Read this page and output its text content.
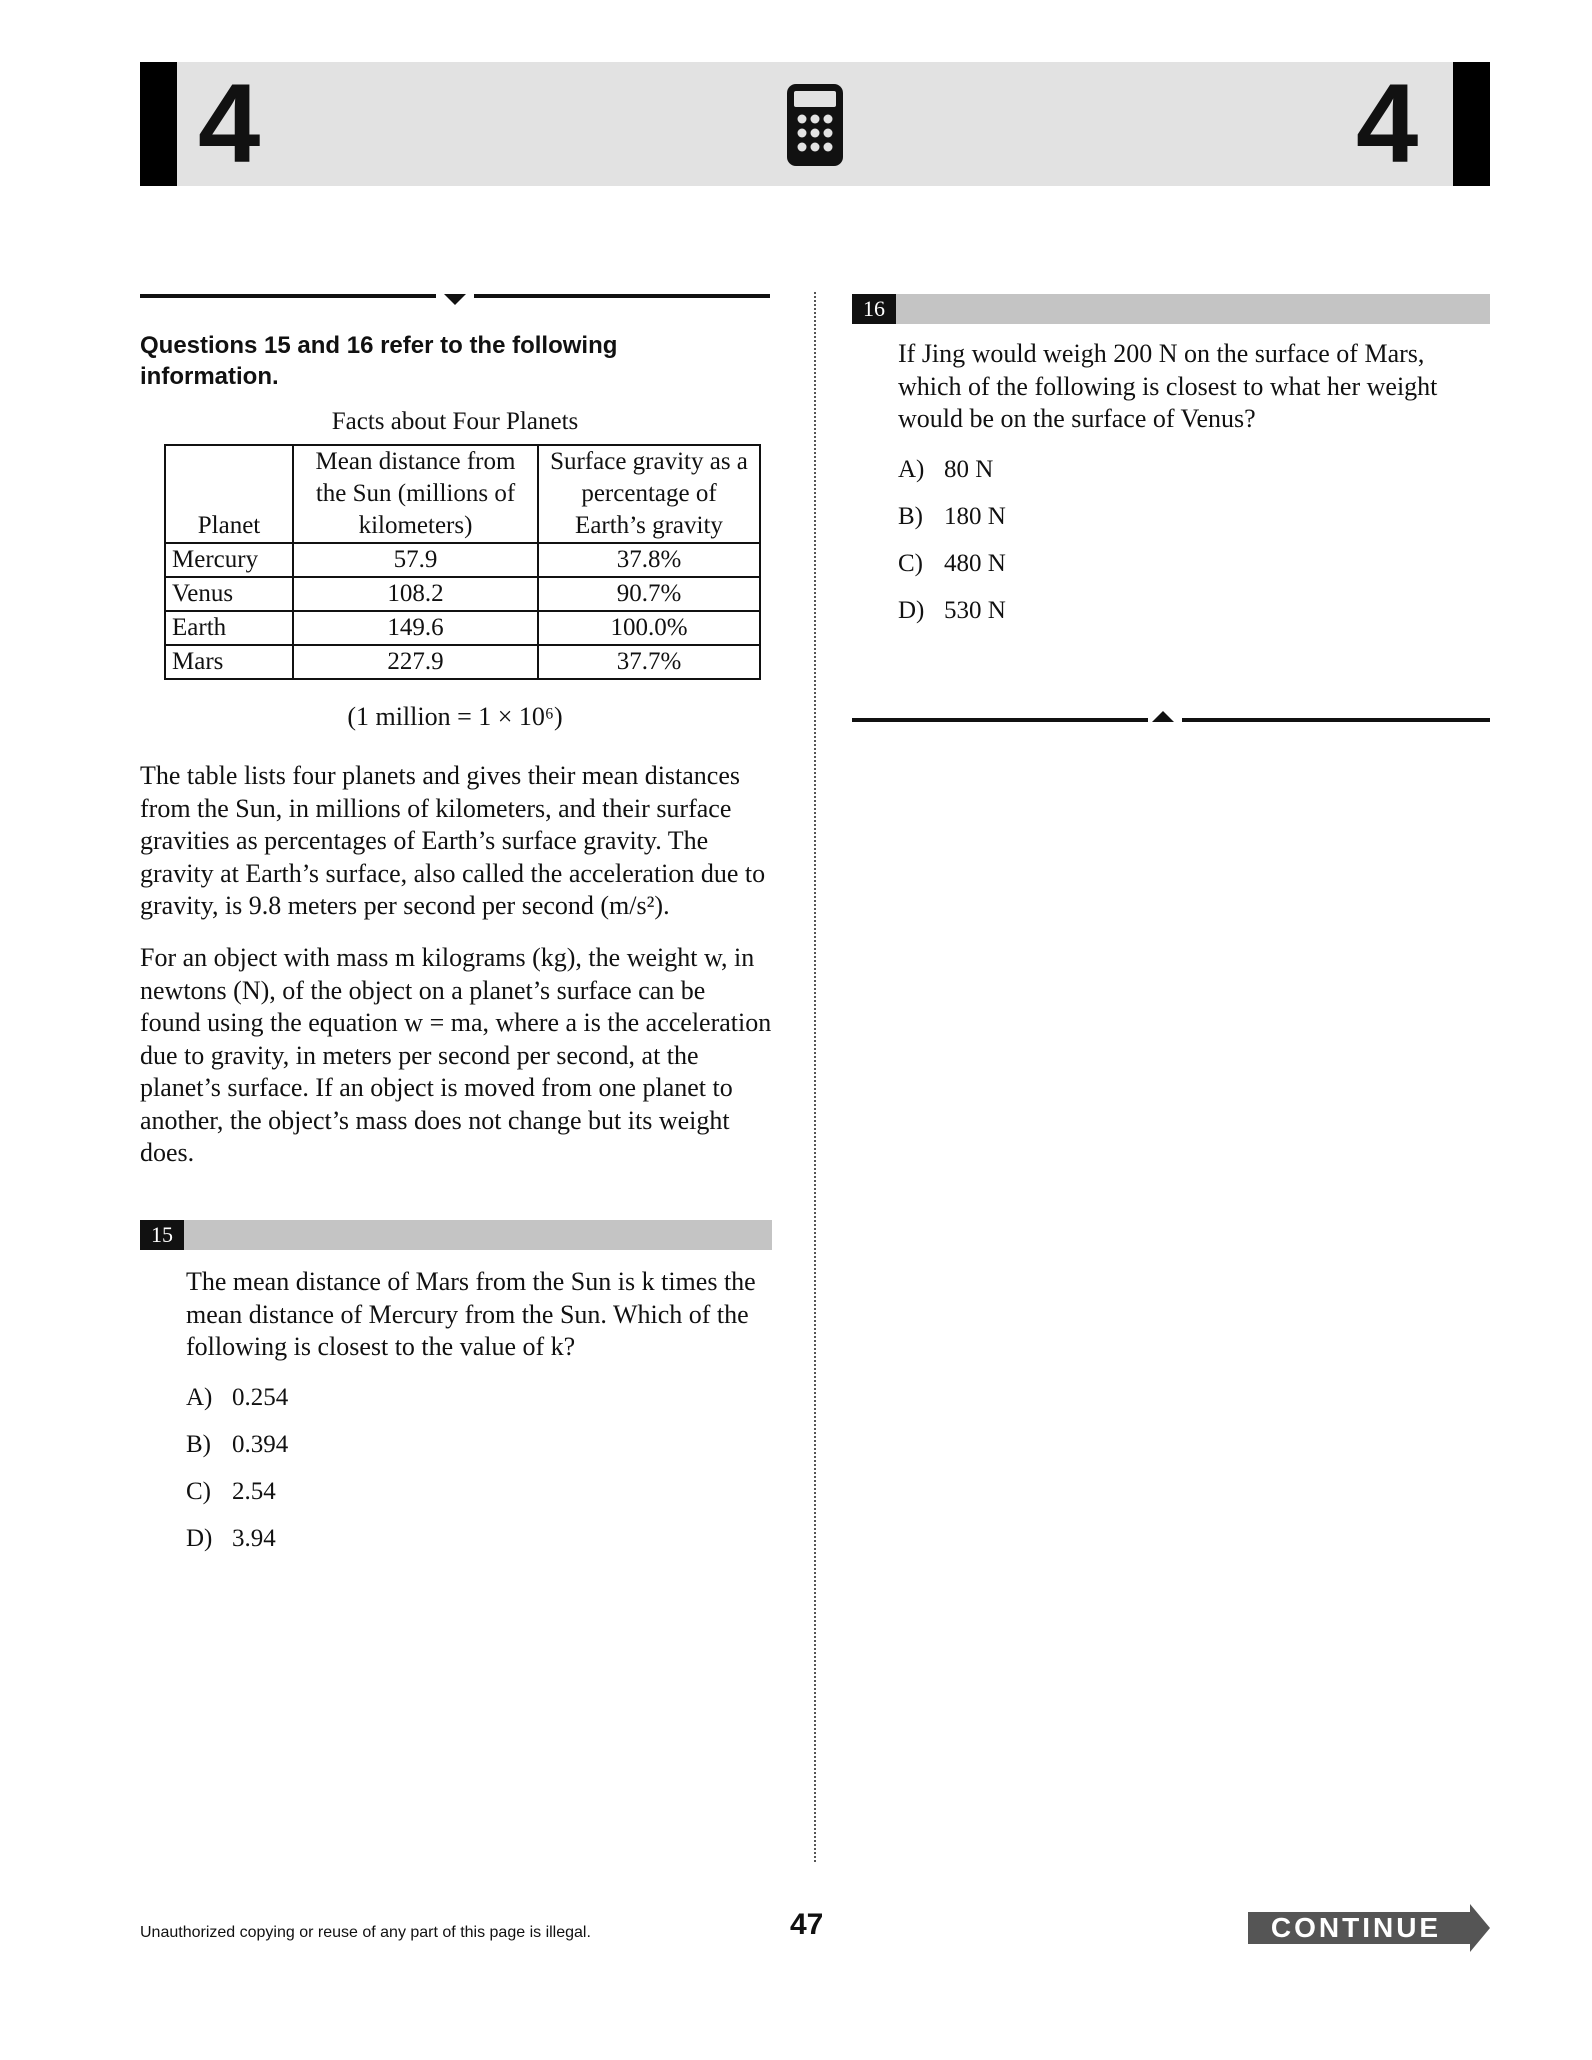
4	4
Questions 15 and 16 refer to the following information.
Facts about Four Planets
Planet	Mean distance from the Sun (millions of kilometers)	Surface gravity as a percentage of Earth’s gravity
Mercury	57.9	37.8%
Venus	108.2	90.7%
Earth	149.6	100.0%
Mars	227.9	37.7%
(1 million = 1 × 10⁶)
The table lists four planets and gives their mean distances from the Sun, in millions of kilometers, and their surface gravities as percentages of Earth’s surface gravity. The gravity at Earth’s surface, also called the acceleration due to gravity, is 9.8 meters per second per second (m/s²).
For an object with mass m kilograms (kg), the weight w, in newtons (N), of the object on a planet’s surface can be found using the equation w = ma, where a is the acceleration due to gravity, in meters per second per second, at the planet’s surface. If an object is moved from one planet to another, the object’s mass does not change but its weight does.
15
The mean distance of Mars from the Sun is k times the mean distance of Mercury from the Sun. Which of the following is closest to the value of k?
A) 0.254
B) 0.394
C) 2.54
D) 3.94
16
If Jing would weigh 200 N on the surface of Mars, which of the following is closest to what her weight would be on the surface of Venus?
A) 80 N
B) 180 N
C) 480 N
D) 530 N
Unauthorized copying or reuse of any part of this page is illegal.	47	CONTINUE
